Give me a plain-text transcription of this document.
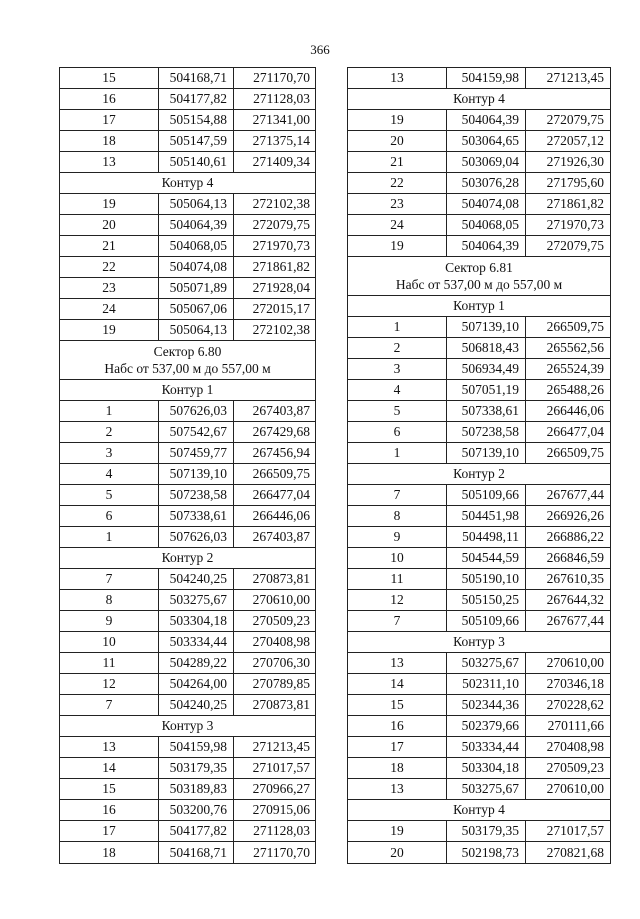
366
15	504168,71	271170,70
16	504177,82	271128,03
17	505154,88	271341,00
18	505147,59	271375,14
13	505140,61	271409,34
Контур 4
19	505064,13	272102,38
20	504064,39	272079,75
21	504068,05	271970,73
22	504074,08	271861,82
23	505071,89	271928,04
24	505067,06	272015,17
19	505064,13	272102,38
Сектор 6.80
Набс от 537,00 м до 557,00 м
Контур 1
1	507626,03	267403,87
2	507542,67	267429,68
3	507459,77	267456,94
4	507139,10	266509,75
5	507238,58	266477,04
6	507338,61	266446,06
1	507626,03	267403,87
Контур 2
7	504240,25	270873,81
8	503275,67	270610,00
9	503304,18	270509,23
10	503334,44	270408,98
11	504289,22	270706,30
12	504264,00	270789,85
7	504240,25	270873,81
Контур 3
13	504159,98	271213,45
14	503179,35	271017,57
15	503189,83	270966,27
16	503200,76	270915,06
17	504177,82	271128,03
18	504168,71	271170,70
13	504159,98	271213,45
Контур 4
19	504064,39	272079,75
20	503064,65	272057,12
21	503069,04	271926,30
22	503076,28	271795,60
23	504074,08	271861,82
24	504068,05	271970,73
19	504064,39	272079,75
Сектор 6.81
Набс от 537,00 м до 557,00 м
Контур 1
1	507139,10	266509,75
2	506818,43	265562,56
3	506934,49	265524,39
4	507051,19	265488,26
5	507338,61	266446,06
6	507238,58	266477,04
1	507139,10	266509,75
Контур 2
7	505109,66	267677,44
8	504451,98	266926,26
9	504498,11	266886,22
10	504544,59	266846,59
11	505190,10	267610,35
12	505150,25	267644,32
7	505109,66	267677,44
Контур 3
13	503275,67	270610,00
14	502311,10	270346,18
15	502344,36	270228,62
16	502379,66	270111,66
17	503334,44	270408,98
18	503304,18	270509,23
13	503275,67	270610,00
Контур 4
19	503179,35	271017,57
20	502198,73	270821,68
